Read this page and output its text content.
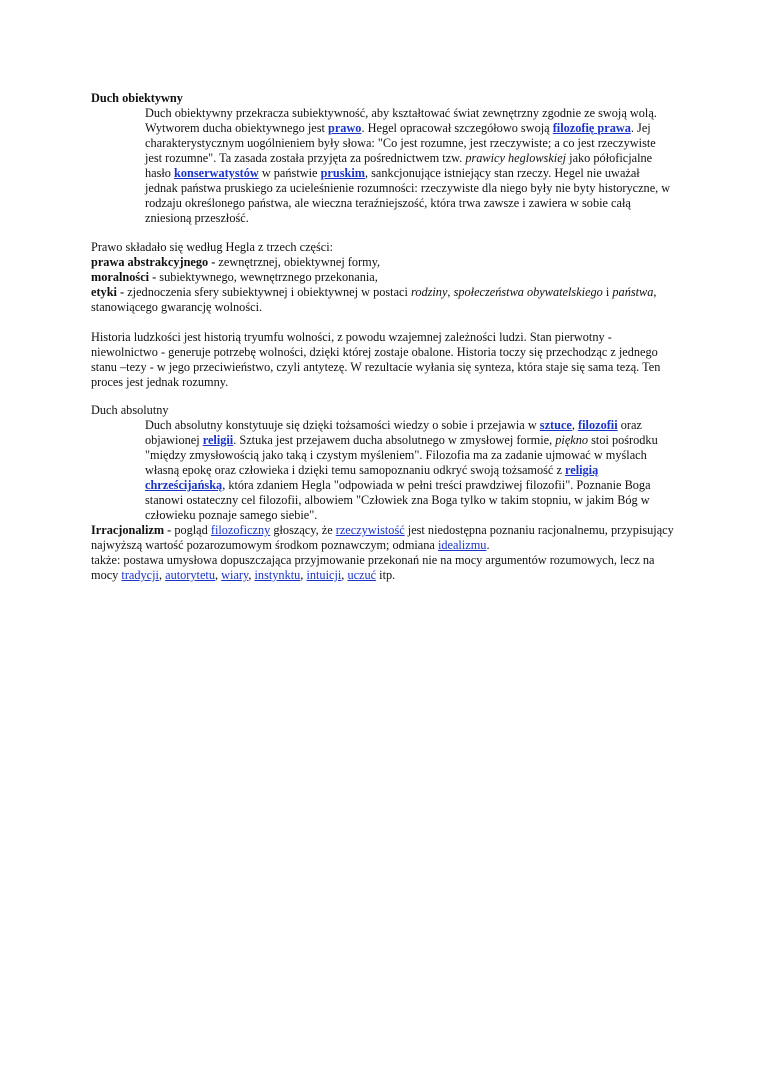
Duch obiektywny

Duch obiektywny przekracza subiektywność, aby kształtować świat zewnętrzny zgodnie ze swoją wolą. Wytworem ducha obiektywnego jest prawo. Hegel opracował szczegółowo swoją filozofię prawa. Jej charakterystycznym uogólnieniem były słowa: "Co jest rozumne, jest rzeczywiste; a co jest rzeczywiste jest rozumne". Ta zasada została przyjęta za pośrednictwem tzw. prawicy heglowskiej jako półoficjalne hasło konserwatystów w państwie pruskim, sankcjonujące istniejący stan rzeczy. Hegel nie uważał jednak państwa pruskiego za ucieleśnienie rozumności: rzeczywiste dla niego były nie byty historyczne, w rodzaju określonego państwa, ale wieczna teraźniejszość, która trwa zawsze i zawiera w sobie całą zniesioną przeszłość.

Prawo składało się według Hegla z trzech części:

prawa abstrakcyjnego - zewnętrznej, obiektywnej formy,

moralności - subiektywnego, wewnętrznego przekonania,

etyki - zjednoczenia sfery subiektywnej i obiektywnej w postaci rodziny, społeczeństwa obywatelskiego i państwa, stanowiącego gwarancję wolności.

Historia ludzkości jest historią tryumfu wolności, z powodu wzajemnej zależności ludzi. Stan pierwotny - niewolnictwo - generuje potrzebę wolności, dzięki której zostaje obalone. Historia toczy się przechodząc z jednego stanu –tezy - w jego przeciwieństwo, czyli antytezę. W rezultacie wyłania się synteza, która staje się sama tezą. Ten proces jest jednak rozumny.

Duch absolutny

Duch absolutny konstytuuje się dzięki tożsamości wiedzy o sobie i przejawia w sztuce, filozofii oraz objawionej religii. Sztuka jest przejawem ducha absolutnego w zmysłowej formie, piękno stoi pośrodku "między zmysłowością jako taką i czystym myśleniem". Filozofia ma za zadanie ujmować w myślach własną epokę oraz człowieka i dzięki temu samopoznaniu odkryć swoją tożsamość z religią chrześcijańską, która zdaniem Hegla "odpowiada w pełni treści prawdziwej filozofii". Poznanie Boga stanowi ostateczny cel filozofii, albowiem "Człowiek zna Boga tylko w takim stopniu, w jakim Bóg w człowieku poznaje samego siebie".

Irracjonalizm - pogląd filozoficzny głoszący, że rzeczywistość jest niedostępna poznaniu racjonalnemu, przypisujący najwyższą wartość pozarozumowym środkom poznawczym; odmiana idealizmu.

także: postawa umysłowa dopuszczająca przyjmowanie przekonań nie na mocy argumentów rozumowych, lecz na mocy tradycji, autorytetu, wiary, instynktu, intuicji, uczuć itp.
